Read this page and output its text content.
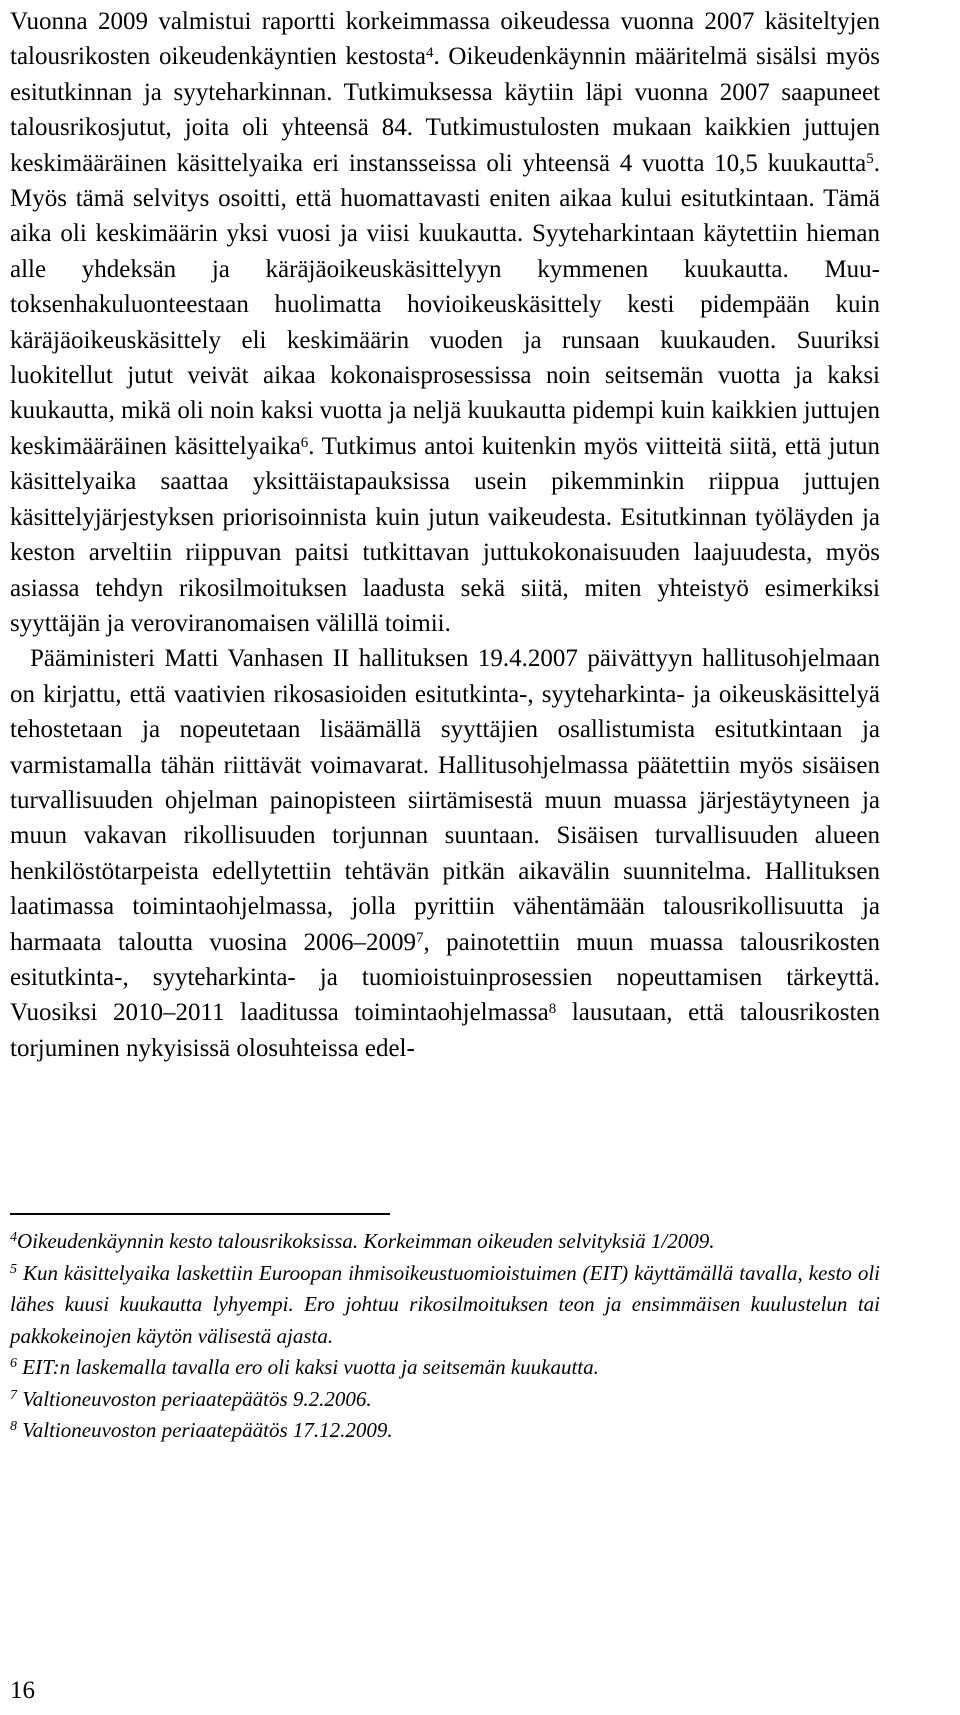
Vuonna 2009 valmistui raportti korkeimmassa oikeudessa vuonna 2007 käsiteltyjen talousrikosten oikeudenkäyntien kestosta$^4$. Oikeudenkäynnin määritelmä sisälsi myös esitutkinnan ja syyteharkinnan. Tutkimuksessa käytiin läpi vuonna 2007 saapuneet talousrikosjutut, joita oli yhteensä 84. Tutkimustulosten mukaan kaikkien juttujen keskimääräinen käsittelyaika eri instansseissa oli yhteensä 4 vuotta 10,5 kuukautta$^5$. Myös tämä selvitys osoitti, että huomattavasti eniten aikaa kului esitutkintaan. Tämä aika oli keskimäärin yksi vuosi ja viisi kuukautta. Syyteharkintaan käytettiin hieman alle yhdeksän ja käräjäoikeuskäsittelyyn kymmenen kuukautta. Muutoksenhakuluonteestaan huolimatta hovioikeuskäsittely kesti pidempään kuin käräjäoikeuskäsittely eli keskimäärin vuoden ja runsaan kuukauden. Suuriksi luokitellut jutut veivät aikaa kokonaisprosessissa noin seitsemän vuotta ja kaksi kuukautta, mikä oli noin kaksi vuotta ja neljä kuukautta pidempi kuin kaikkien juttujen keskimääräinen käsittelyaika$^6$. Tutkimus antoi kuitenkin myös viitteitä siitä, että jutun käsittelyaika saattaa yksittäistapauksissa usein pikemminkin riippua juttujen käsittelyjärjestyksen priorisoinnista kuin jutun vaikeudesta. Esitutkinnan työläyden ja keston arveltiin riippuvan paitsi tutkittavan juttukokonaisuuden laajuudesta, myös asiassa tehdyn rikosilmoituksen laadusta sekä siitä, miten yhteistyö esimerkiksi syyttäjän ja veroviranomaisen välillä toimii.

Pääministeri Matti Vanhasen II hallituksen 19.4.2007 päivättyyn hallitusohjelmaan on kirjattu, että vaativien rikosasioiden esitutkinta-, syyteharkinta- ja oikeuskäsittelyä tehostetaan ja nopeutetaan lisäämällä syyttäjien osallistumista esitutkintaan ja varmistamalla tähän riittävät voimavarat. Hallitusohjelmassa päätettiin myös sisäisen turvallisuuden ohjelman painopisteen siirtämisestä muun muassa järjestäytyneen ja muun vakavan rikollisuuden torjunnan suuntaan. Sisäisen turvallisuuden alueen henkilöstötarpeista edellytettiin tehtävän pitkän aikavälin suunnitelma. Hallituksen laatimassa toimintaohjelmassa, jolla pyrittiin vähentämään talousrikollisuutta ja harmaata taloutta vuosina 2006–2009$^7$, painotettiin muun muassa talousrikosten esitutkinta-, syyteharkinta- ja tuomioistuinprosessien nopeuttamisen tärkeyttä. Vuosiksi 2010–2011 laaditussa toimintaohjelmassa$^8$ lausutaan, että talousrikosten torjuminen nykyisissä olosuhteissa edel-

$^4$Oikeudenkäynnin kesto talousrikoksissa. Korkeimman oikeuden selvityksiä 1/2009.

$^5$ Kun käsittelyaika laskettiin Euroopan ihmisoikeustuomioistuimen (EIT) käyttämällä tavalla, kesto oli lähes kuusi kuukautta lyhyempi. Ero johtuu rikosilmoituksen teon ja ensimmäisen kuulustelun tai pakkokeinojen käytön välisestä ajasta.

$^6$ EIT:n laskemalla tavalla ero oli kaksi vuotta ja seitsemän kuukautta.

$^7$ Valtioneuvoston periaatepäätös 9.2.2006.

$^8$ Valtioneuvoston periaatepäätös 17.12.2009.

16
